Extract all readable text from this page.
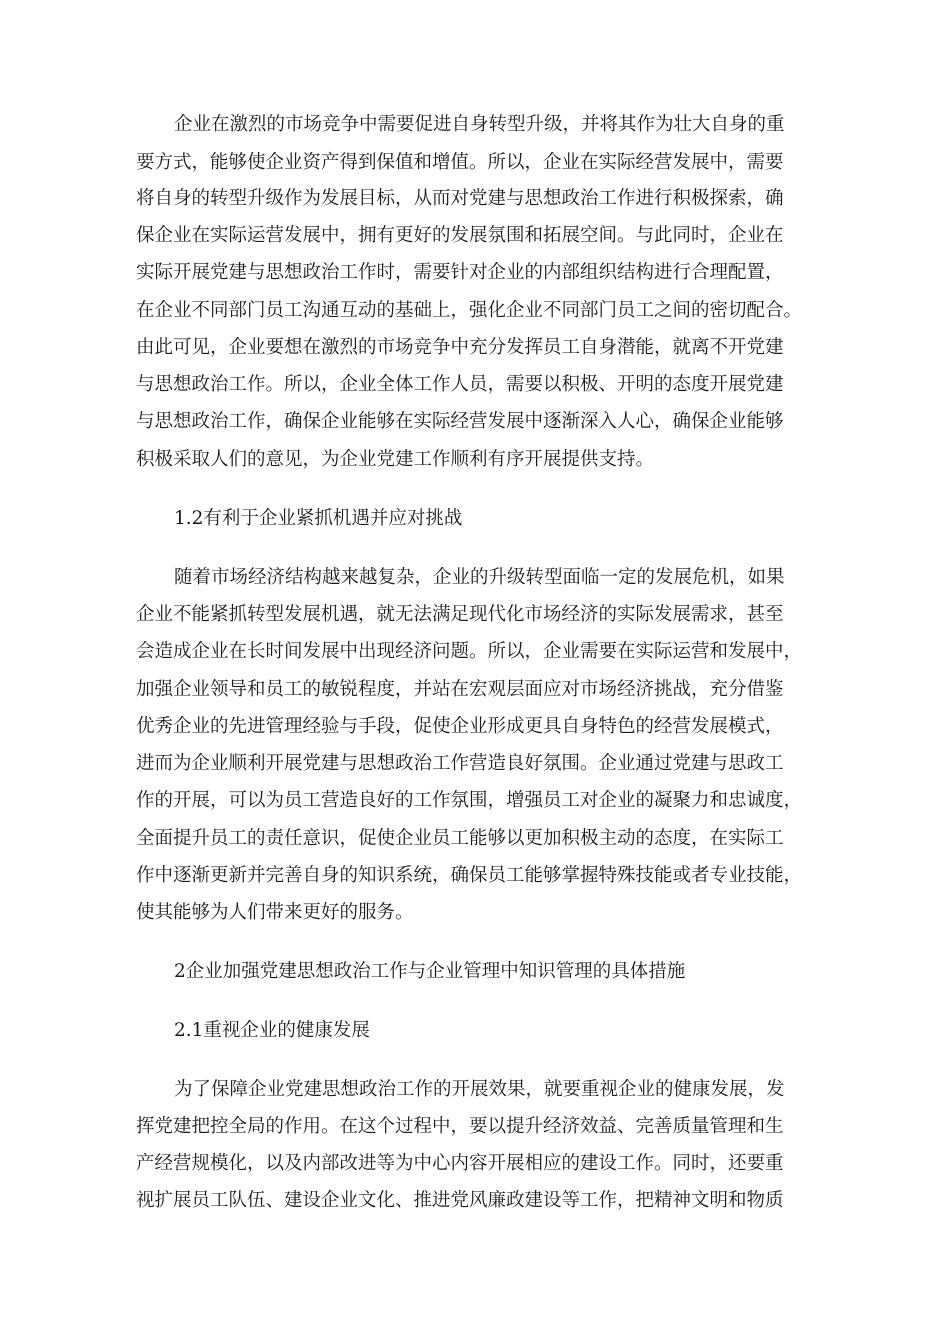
企业在激烈的市场竞争中需要促进自身转型升级，并将其作为壮大自身的重
要方式，能够使企业资产得到保值和增值。所以，企业在实际经营发展中，需要
将自身的转型升级作为发展目标，从而对党建与思想政治工作进行积极探索，确
保企业在实际运营发展中，拥有更好的发展氛围和拓展空间。与此同时，企业在
实际开展党建与思想政治工作时，需要针对企业的内部组织结构进行合理配置，
在企业不同部门员工沟通互动的基础上，强化企业不同部门员工之间的密切配合。
由此可见，企业要想在激烈的市场竞争中充分发挥员工自身潜能，就离不开党建
与思想政治工作。所以，企业全体工作人员，需要以积极、开明的态度开展党建
与思想政治工作，确保企业能够在实际经营发展中逐渐深入人心，确保企业能够
积极采取人们的意见，为企业党建工作顺利有序开展提供支持。
1.2有利于企业紧抓机遇并应对挑战
随着市场经济结构越来越复杂，企业的升级转型面临一定的发展危机，如果
企业不能紧抓转型发展机遇，就无法满足现代化市场经济的实际发展需求，甚至
会造成企业在长时间发展中出现经济问题。所以，企业需要在实际运营和发展中，
加强企业领导和员工的敏锐程度，并站在宏观层面应对市场经济挑战，充分借鉴
优秀企业的先进管理经验与手段，促使企业形成更具自身特色的经营发展模式，
进而为企业顺利开展党建与思想政治工作营造良好氛围。企业通过党建与思政工
作的开展，可以为员工营造良好的工作氛围，增强员工对企业的凝聚力和忠诚度，
全面提升员工的责任意识，促使企业员工能够以更加积极主动的态度，在实际工
作中逐渐更新并完善自身的知识系统，确保员工能够掌握特殊技能或者专业技能，
使其能够为人们带来更好的服务。
2企业加强党建思想政治工作与企业管理中知识管理的具体措施
2.1重视企业的健康发展
为了保障企业党建思想政治工作的开展效果，就要重视企业的健康发展，发
挥党建把控全局的作用。在这个过程中，要以提升经济效益、完善质量管理和生
产经营规模化，以及内部改进等为中心内容开展相应的建设工作。同时，还要重
视扩展员工队伍、建设企业文化、推进党风廉政建设等工作，把精神文明和物质
